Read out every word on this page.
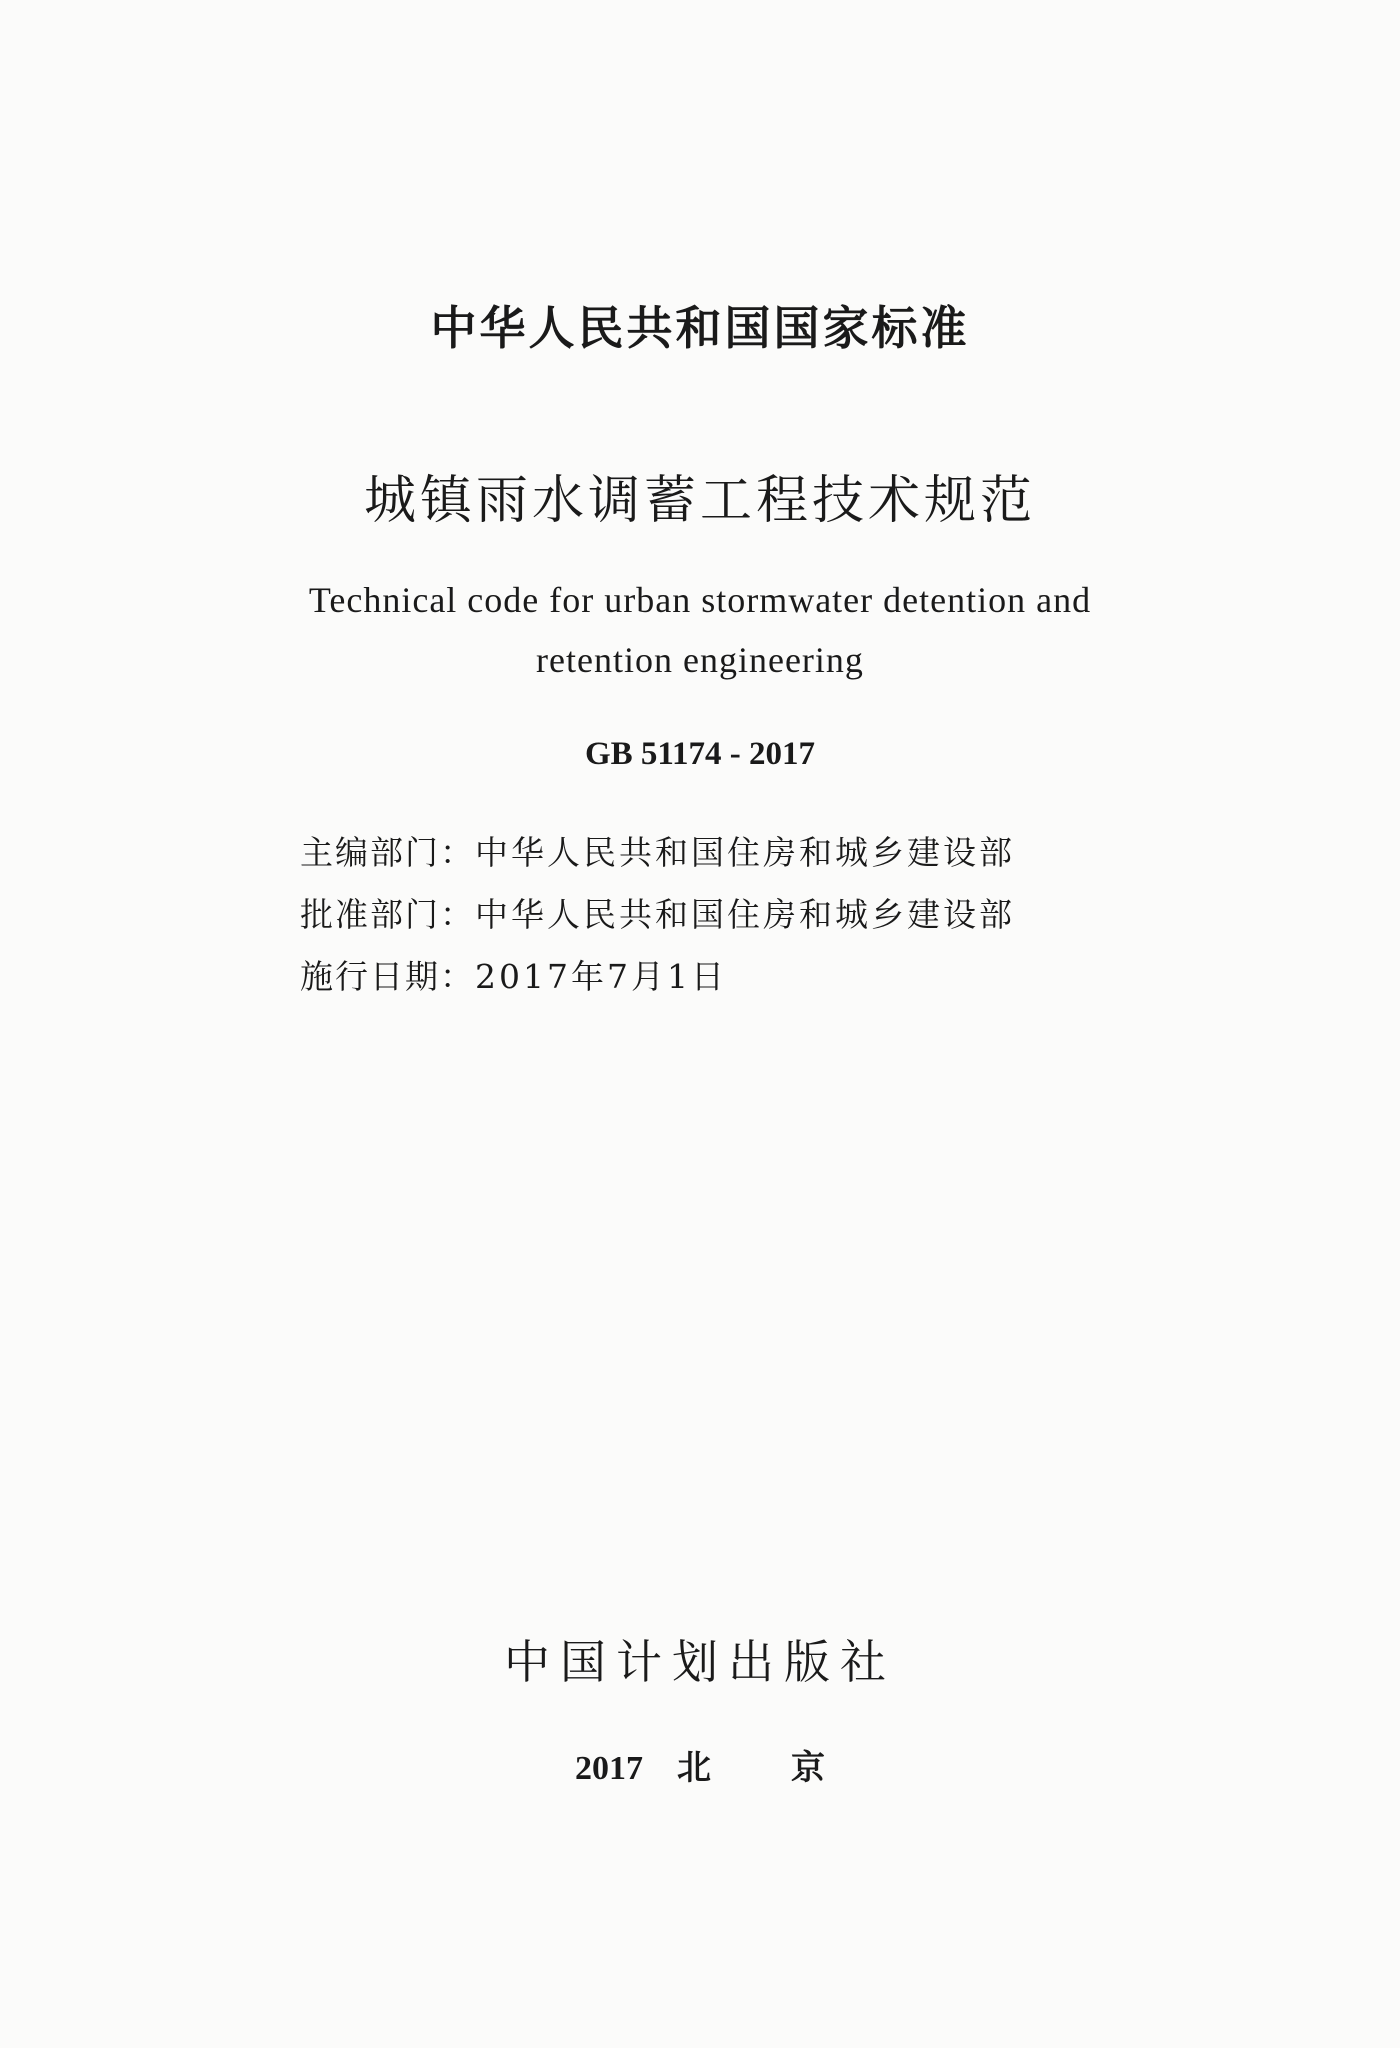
中华人民共和国国家标准
城镇雨水调蓄工程技术规范
Technical code for urban stormwater detention and
retention engineering
GB 51174 - 2017
主编部门：中华人民共和国住房和城乡建设部
批准部门：中华人民共和国住房和城乡建设部
施行日期：2017年7月1日
中国计划出版社
2017 北 京
